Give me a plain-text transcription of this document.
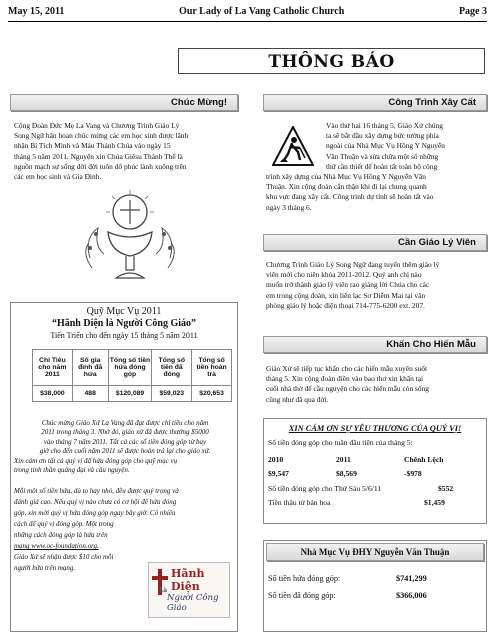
May 15, 2011	Our Lady of La Vang Catholic Church	Page 3
THÔNG BÁO
Chúc Mừng!
Cộng Đoàn Đức Mẹ La Vang và Chương Trình Giáo Lý
Song Ngữ hân hoan chúc mừng các em học sinh được lãnh
nhận Bí Tích Mình và Máu Thánh Chúa vào ngày 15
tháng 5 năm 2011. Nguyện xin Chúa Giêsu Thánh Thể là
nguồn mạch sự sống đời đời tuôn đổ phúc lành xuống trên
các em học sinh và Gia Đình.
Quỹ Mục Vụ 2011
“Hãnh Diện là Người Công Giáo”
Tiến Triển cho đến ngày 15 tháng 5 năm 2011
Chỉ Tiêu cho năm 2011	Số gia đình đã hứa	Tổng số tiền hứa đóng góp	Tổng số tiền đã đóng	Tổng số tiền hoàn trả
$38,000	488	$120,089	$59,023	$20,653
Chúc mừng Giáo Xứ La Vang đã đạt được chỉ tiêu cho năm
2011 trong tháng 3. Nhờ đó, giáo xứ đã được thưởng $5000
vào tháng 7 năm 2011. Tất cả các số tiền đóng góp từ bay
giờ cho đến cuối năm 2011 sẽ được hoàn trả lại cho giáo xứ.
Xin cám ơn tất cả quý vị đã hứa đóng góp cho quỹ mục vụ
trong tinh thần quảng đại và cầu nguyện.
Mỗi một số tiền hứa, dù to hay nhỏ, đều được quý trọng và
đánh giá cao. Nếu quý vị nào chưa có cơ hội để hứa đóng
góp, xin mời quý vị hứa đóng góp ngay bây giờ. Có nhiều
cách để quý vị đóng góp. Một trong
những cách đóng góp là hứa trên
mạng www.oc-foundation.org.
Giáo Xứ sẽ nhận được $10 cho mỗi
người hứa trên mạng.	Hãnh Diện
Là
Người Công Giáo
Công Trình Xây Cất
Vào thứ hai 16 tháng 5, Giáo Xứ chúng
ta sẽ bắt đầu xây dựng bức tường phía
ngoài của Nhà Mục Vụ Hồng Y Nguyễn
Văn Thuận và sửa chữa một số những
thứ cần thiết để hoàn tất toàn bộ công
trình xây dựng của Nhà Mục Vụ Hồng Y Nguyễn Văn
Thuận. Xin cộng đoàn cẩn thận khi đi lại chung quanh
khu vực đang xây cất. Công trình dự tính sẽ hoàn tất vào
ngày 3 tháng 6.
Cần Giáo Lý Viên
Chương Trình Giáo Lý Song Ngữ đang tuyển thêm giáo lý
viên mới cho niên khóa 2011-2012. Quý anh chị nào
muốn trở thành giáo lý viên rao giảng lời Chúa cho các
em trong cộng đoàn, xin liên lạc Sơ Diễm Mai tại văn
phòng giáo lý hoặc điện thoại 714-775-6200 ext. 207.
Khấn Cho Hiến Mẫu
Giáo Xứ sẽ tiếp tục khấn cho các hiến mẫu xuyên suốt
tháng 5. Xin cộng đoàn điền vào bao thơ xin khấn tại
cuối nhà thờ để cầu nguyện cho các hiến mẫu còn sống
cũng như đã qua đời.
XIN CÁM ƠN SỰ YÊU THƯƠNG CỦA QUÝ VỊ!
Số tiền đóng góp cho tuần đầu tiên của tháng 5:
2010	2011	Chênh Lệch
$9,547	$8,569	-$978
Số tiền đóng góp cho Thứ Sáu 5/6/11	$552
Tiền thâu từ bán hoa	$1,459
Nhà Mục Vụ ĐHY Nguyễn Văn Thuận
Số tiền hứa đóng góp:	$741,299
Số tiền đã đóng góp:	$366,006
